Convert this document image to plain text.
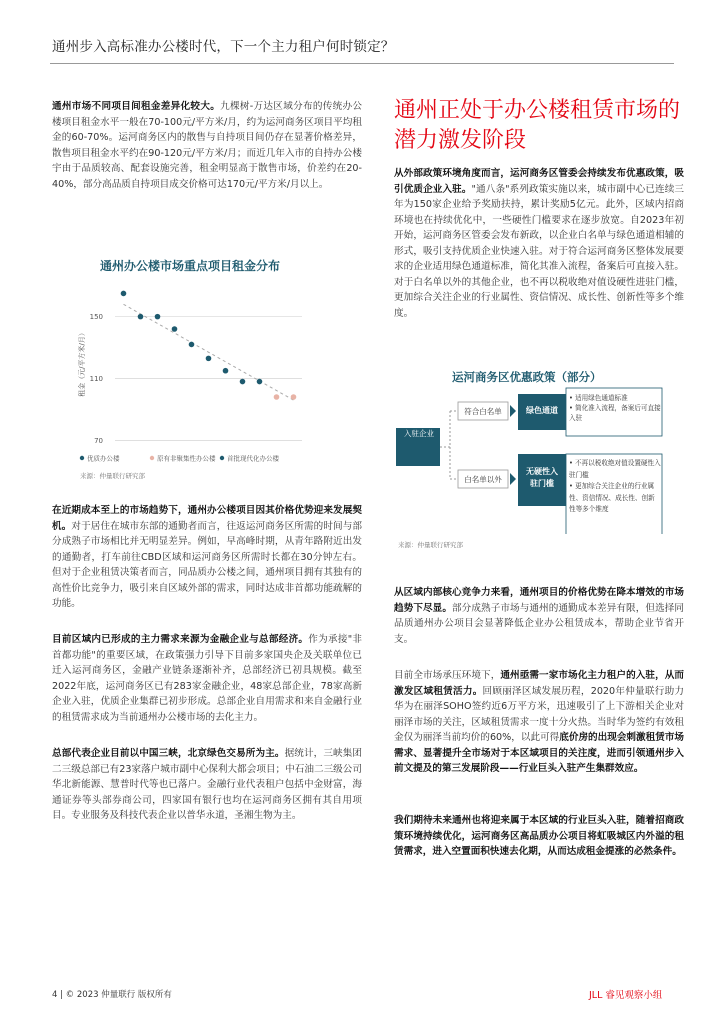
通州步入高标准办公楼时代，下一个主力租户何时锁定？
通州市场不同项目间租金差异化较大。九棵树-万达区域分布的传统办公楼项目租金水平一般在70-100元/平方米/月，约为运河商务区项目平均租金的60-70%。运河商务区内的散售与自持项目间仍存在显著价格差异，散售项目租金水平约在90-120元/平方米/月；而近几年入市的自持办公楼宇由于品质较高、配套设施完善，租金明显高于散售市场，价差约在20-40%，部分高品质自持项目成交价格可达170元/平方米/月以上。
通州办公楼市场重点项目租金分布
租金（元/平方米/月）
70
110
150
优质办公楼	原有非聚集性办公楼 首批现代化办公楼
来源：仲量联行研究部
在近期成本至上的市场趋势下，通州办公楼项目因其价格优势迎来发展契机。对于居住在城市东部的通勤者而言，往返运河商务区所需的时间与部分成熟子市场相比并无明显差异。例如，早高峰时期，从青年路附近出发的通勤者，打车前往CBD区域和运河商务区所需时长都在30分钟左右。但对于企业租赁决策者而言，同品质办公楼之间，通州项目拥有其独有的高性价比竞争力，吸引来自区域外部的需求，同时达成非首都功能疏解的功能。
目前区域内已形成的主力需求来源为金融企业与总部经济。作为承接"非首都功能"的重要区域，在政策强力引导下目前多家国央企及关联单位已迁入运河商务区，金融产业链条逐渐补齐，总部经济已初具规模。截至2022年底，运河商务区已有283家金融企业，48家总部企业，78家高新企业入驻，优质企业集群已初步形成。总部企业自用需求和来自金融行业的租赁需求成为当前通州办公楼市场的去化主力。
总部代表企业目前以中国三峡，北京绿色交易所为主。据统计，三峡集团二三级总部已有23家落户城市副中心保利大都会项目；中石油二三级公司华北新能源、慧普时代等也已落户。金融行业代表租户包括中金财富，海通证券等头部券商公司，四家国有银行也均在运河商务区拥有其自用项目。专业服务及科技代表企业以普华永道，圣湘生物为主。
通州正处于办公楼租赁市场的潜力激发阶段
从外部政策环境角度而言，运河商务区管委会持续发布优惠政策，吸引优质企业入驻。"通八条"系列政策实施以来，城市副中心已连续三年为150家企业给予奖励扶持，累计奖励5亿元。此外，区域内招商环境也在持续优化中，一些硬性门槛要求在逐步放宽。自2023年初开始，运河商务区管委会发布新政，以企业白名单与绿色通道相辅的形式，吸引支持优质企业快速入驻。对于符合运河商务区整体发展要求的企业适用绿色通道标准，简化其准入流程，备案后可直接入驻。对于白名单以外的其他企业，也不再以税收绝对值设硬性进驻门槛，更加综合关注企业的行业属性、资信情况、成长性、创新性等多个维度。
运河商务区优惠政策（部分）
入驻企业
符合白名单	绿色通道
白名单以外
无硬性入驻门槛
• 适用绿色通道标准
• 简化准入流程，备案后可直接入驻
• 不再以税收绝对值设置硬性入驻门槛
• 更加综合关注企业的行业属性、资信情况、成长性、创新性等多个维度
来源：仲量联行研究部
从区域内部核心竞争力来看，通州项目的价格优势在降本增效的市场趋势下尽显。部分成熟子市场与通州的通勤成本差异有限，但选择同品质通州办公项目会显著降低企业办公租赁成本，帮助企业节省开支。
目前全市场承压环境下，通州亟需一家市场化主力租户的入驻，从而激发区域租赁活力。回顾丽泽区域发展历程，2020年仲量联行助力华为在丽泽SOHO签约近6万平方米，迅速吸引了上下游相关企业对丽泽市场的关注，区域租赁需求一度十分火热。当时华为签约有效租金仅为丽泽当前均价的60%，以此可得底价房的出现会刺激租赁市场需求、显著提升全市场对于本区域项目的关注度，进而引领通州步入前文提及的第三发展阶段——行业巨头入驻产生集群效应。
我们期待未来通州也将迎来属于本区域的行业巨头入驻，随着招商政策环境持续优化，运河商务区高品质办公项目将虹吸城区内外溢的租赁需求，进入空置面积快速去化期，从而达成租金提涨的必然条件。
4 | © 2023 仲量联行 版权所有	JLL 睿见观察小组
